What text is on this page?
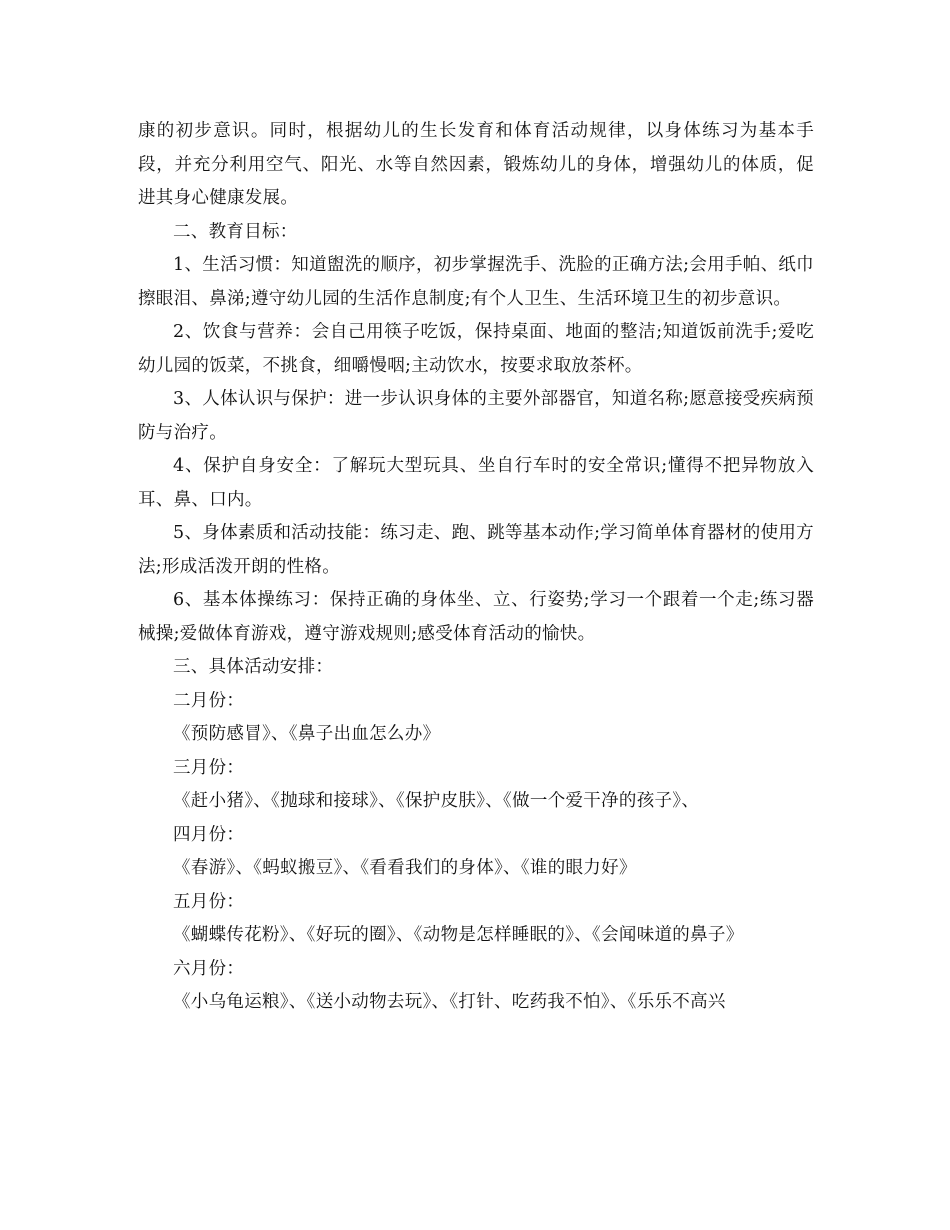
康的初步意识。同时，根据幼儿的生长发育和体育活动规律，以身体练习为基本手段，并充分利用空气、阳光、水等自然因素，锻炼幼儿的身体，增强幼儿的体质，促进其身心健康发展。

二、教育目标：

1、生活习惯：知道盥洗的顺序，初步掌握洗手、洗脸的正确方法;会用手帕、纸巾擦眼泪、鼻涕;遵守幼儿园的生活作息制度;有个人卫生、生活环境卫生的初步意识。

2、饮食与营养：会自己用筷子吃饭，保持桌面、地面的整洁;知道饭前洗手;爱吃幼儿园的饭菜，不挑食，细嚼慢咽;主动饮水，按要求取放茶杯。

3、人体认识与保护：进一步认识身体的主要外部器官，知道名称;愿意接受疾病预防与治疗。

4、保护自身安全：了解玩大型玩具、坐自行车时的安全常识;懂得不把异物放入耳、鼻、口内。

5、身体素质和活动技能：练习走、跑、跳等基本动作;学习简单体育器材的使用方法;形成活泼开朗的性格。

6、基本体操练习：保持正确的身体坐、立、行姿势;学习一个跟着一个走;练习器械操;爱做体育游戏，遵守游戏规则;感受体育活动的愉快。

三、具体活动安排：

二月份：

《预防感冒》、《鼻子出血怎么办》

三月份：

《赶小猪》、《抛球和接球》、《保护皮肤》、《做一个爱干净的孩子》、

四月份：

《春游》、《蚂蚁搬豆》、《看看我们的身体》、《谁的眼力好》

五月份：

《蝴蝶传花粉》、《好玩的圈》、《动物是怎样睡眠的》、《会闻味道的鼻子》

六月份：

《小乌龟运粮》、《送小动物去玩》、《打针、吃药我不怕》、《乐乐不高兴
